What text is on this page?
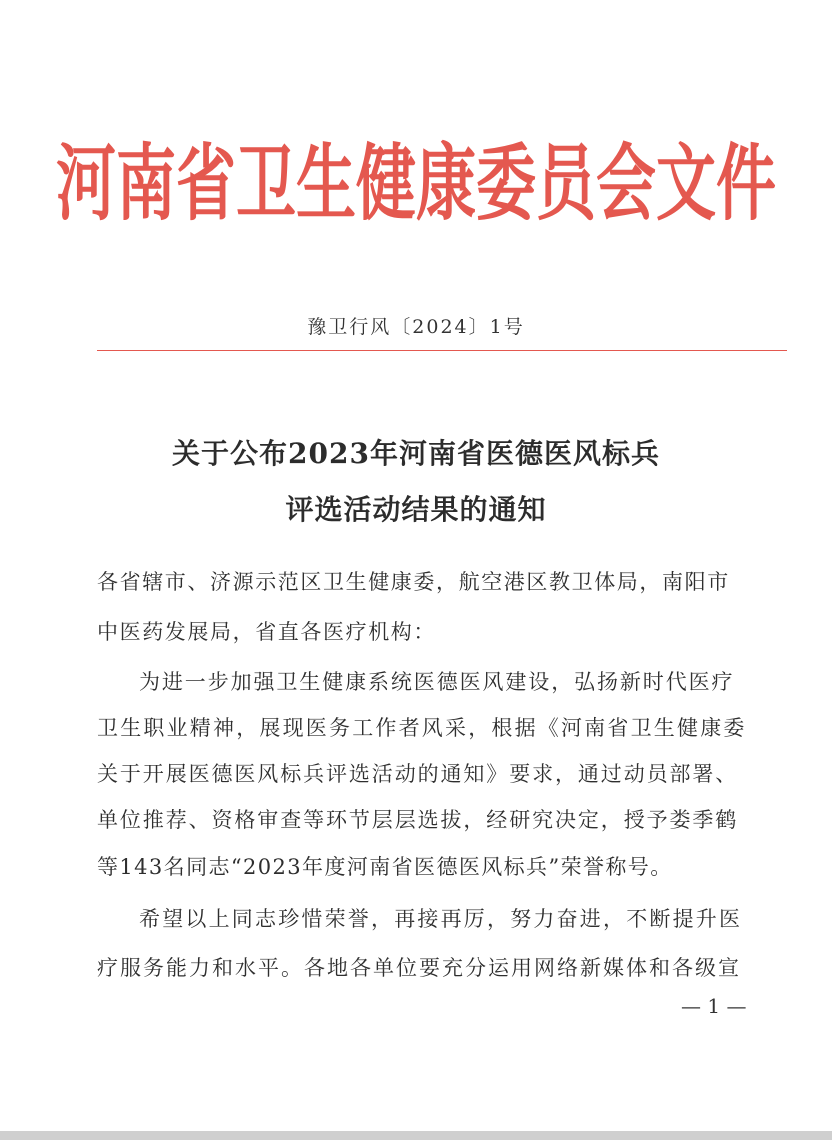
河南省卫生健康委员会文件
豫卫行风〔2024〕1号
关于公布2023年河南省医德医风标兵
评选活动结果的通知
各省辖市、济源示范区卫生健康委，航空港区教卫体局，南阳市
中医药发展局，省直各医疗机构：
为进一步加强卫生健康系统医德医风建设，弘扬新时代医疗
卫生职业精神，展现医务工作者风采，根据《河南省卫生健康委
关于开展医德医风标兵评选活动的通知》要求，通过动员部署、
单位推荐、资格审查等环节层层选拔，经研究决定，授予娄季鹤
等143名同志“2023年度河南省医德医风标兵”荣誉称号。
希望以上同志珍惜荣誉，再接再厉，努力奋进，不断提升医
疗服务能力和水平。各地各单位要充分运用网络新媒体和各级宣
— 1 —
